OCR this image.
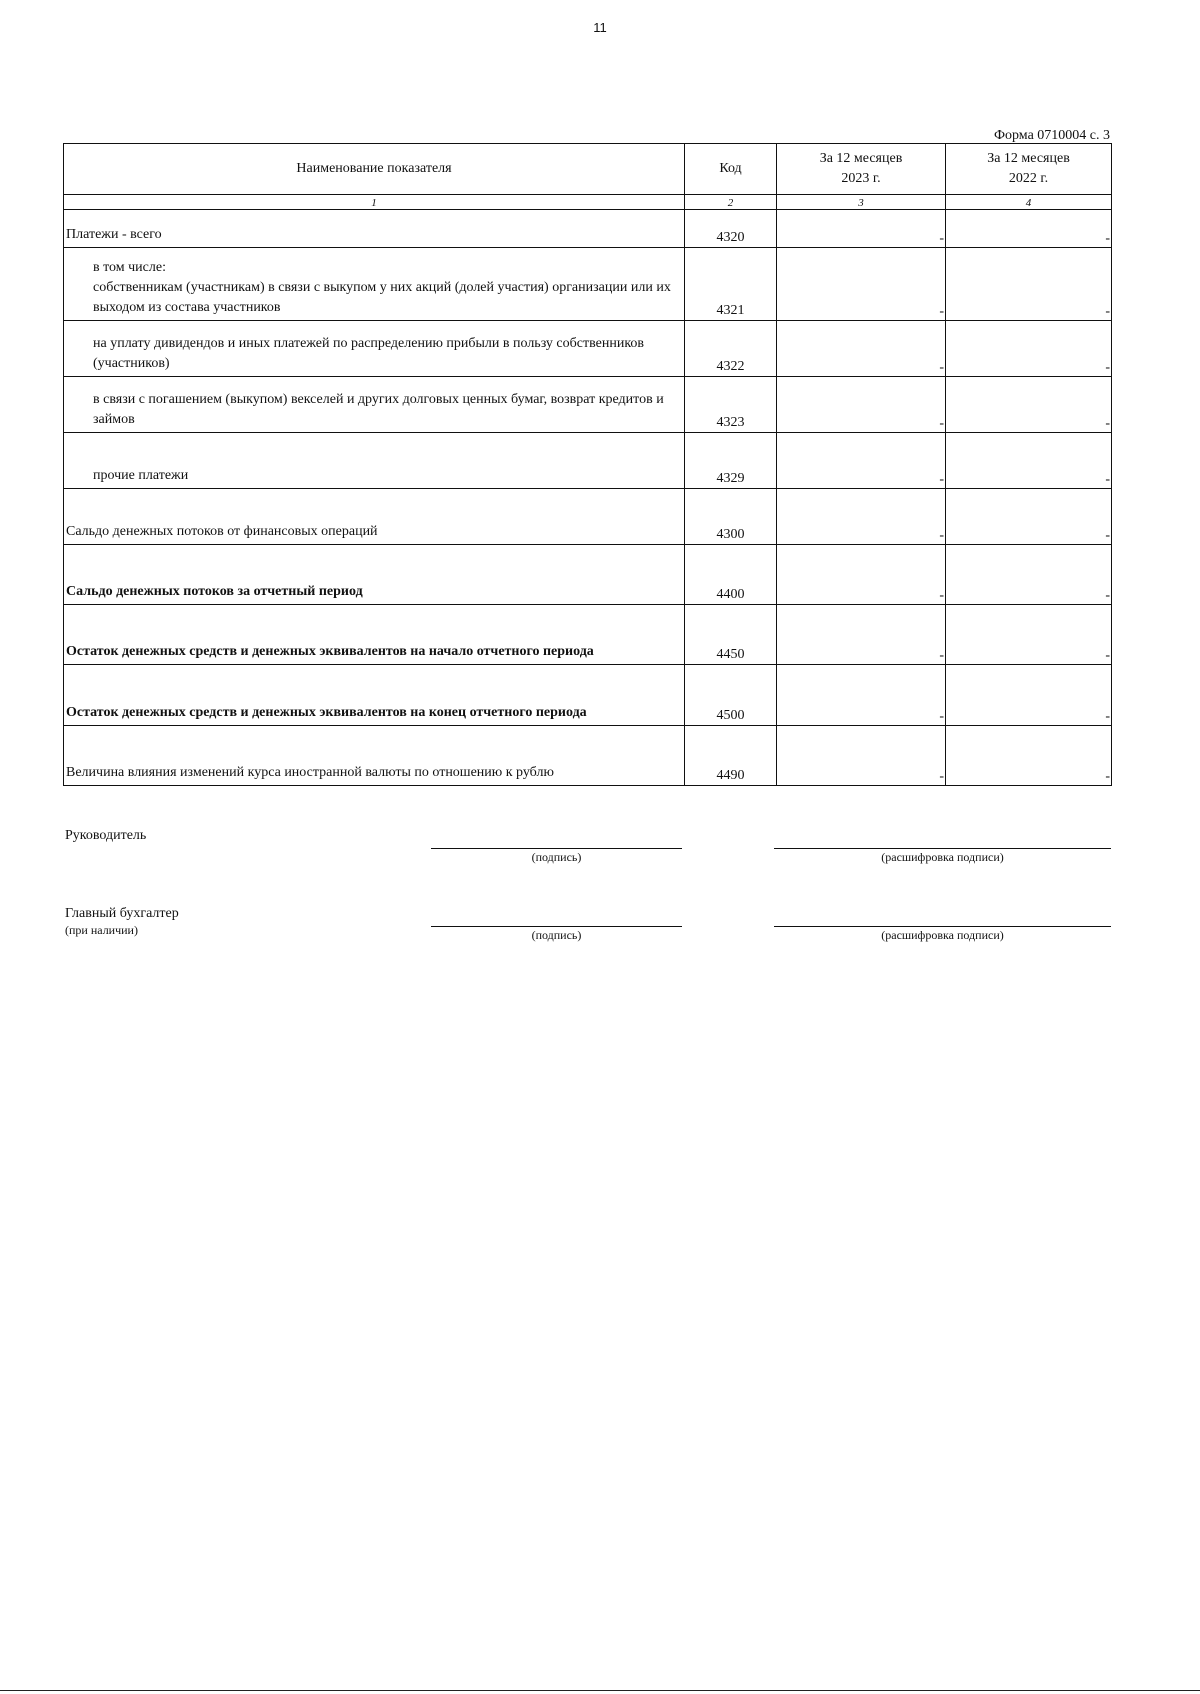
11
Форма 0710004 с. 3
Наименование показателя	Код	За 12 месяцев 2023 г.	За 12 месяцев 2022 г.

1	2	3	4
Платежи - всего	4320	-	-
в том числе:
собственникам (участникам) в связи с выкупом у них акций (долей участия) организации или их выходом из состава участников	4321	-	-
на уплату дивидендов и иных платежей по распределению прибыли в пользу собственников (участников)	4322	-	-
в связи с погашением (выкупом) векселей и других долговых ценных бумаг, возврат кредитов и займов	4323	-	-
прочие платежи	4329	-	-
Сальдо денежных потоков от финансовых операций	4300	-	-
Сальдо денежных потоков за отчетный период	4400	-	-
Остаток денежных средств и денежных эквивалентов на начало отчетного периода	4450	-	-
Остаток денежных средств и денежных эквивалентов на конец отчетного периода	4500	-	-
Величина влияния изменений курса иностранной валюты по отношению к рублю	4490	-	-
Руководитель
(подпись)	(расшифровка подписи)
Главный бухгалтер
(при наличии)	(подпись)	(расшифровка подписи)
